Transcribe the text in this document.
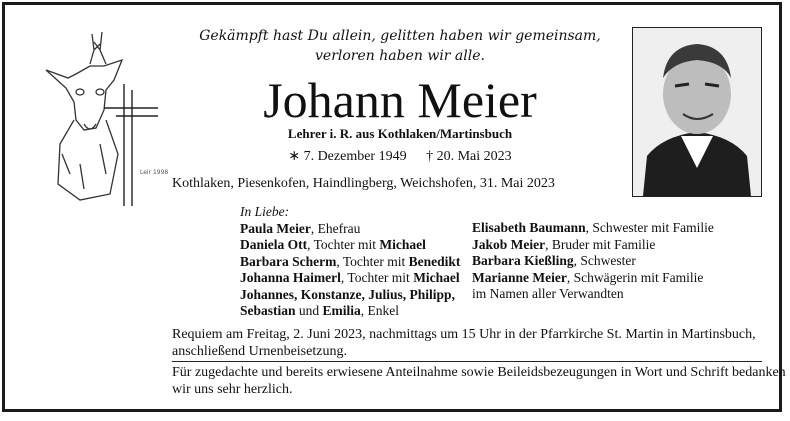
Leir 1998
Gekämpft hast Du allein, gelitten haben wir gemeinsam,
verloren haben wir alle.
Johann Meier
Lehrer i. R. aus Kothlaken/Martinsbuch
∗ 7. Dezember 1949 † 20. Mai 2023
Kothlaken, Piesenkofen, Haindlingberg, Weichshofen, 31. Mai 2023
In Liebe:
Paula Meier, Ehefrau
Daniela Ott, Tochter mit Michael
Barbara Scherm, Tochter mit Benedikt
Johanna Haimerl, Tochter mit Michael
Johannes, Konstanze, Julius, Philipp,
Sebastian und Emilia, Enkel
Elisabeth Baumann, Schwester mit Familie
Jakob Meier, Bruder mit Familie
Barbara Kießling, Schwester
Marianne Meier, Schwägerin mit Familie
im Namen aller Verwandten
Requiem am Freitag, 2. Juni 2023, nachmittags um 15 Uhr in der Pfarrkirche St. Martin in Martinsbuch,
anschließend Urnenbeisetzung.
Für zugedachte und bereits erwiesene Anteilnahme sowie Beileidsbezeugungen in Wort und Schrift bedanken
wir uns sehr herzlich.
